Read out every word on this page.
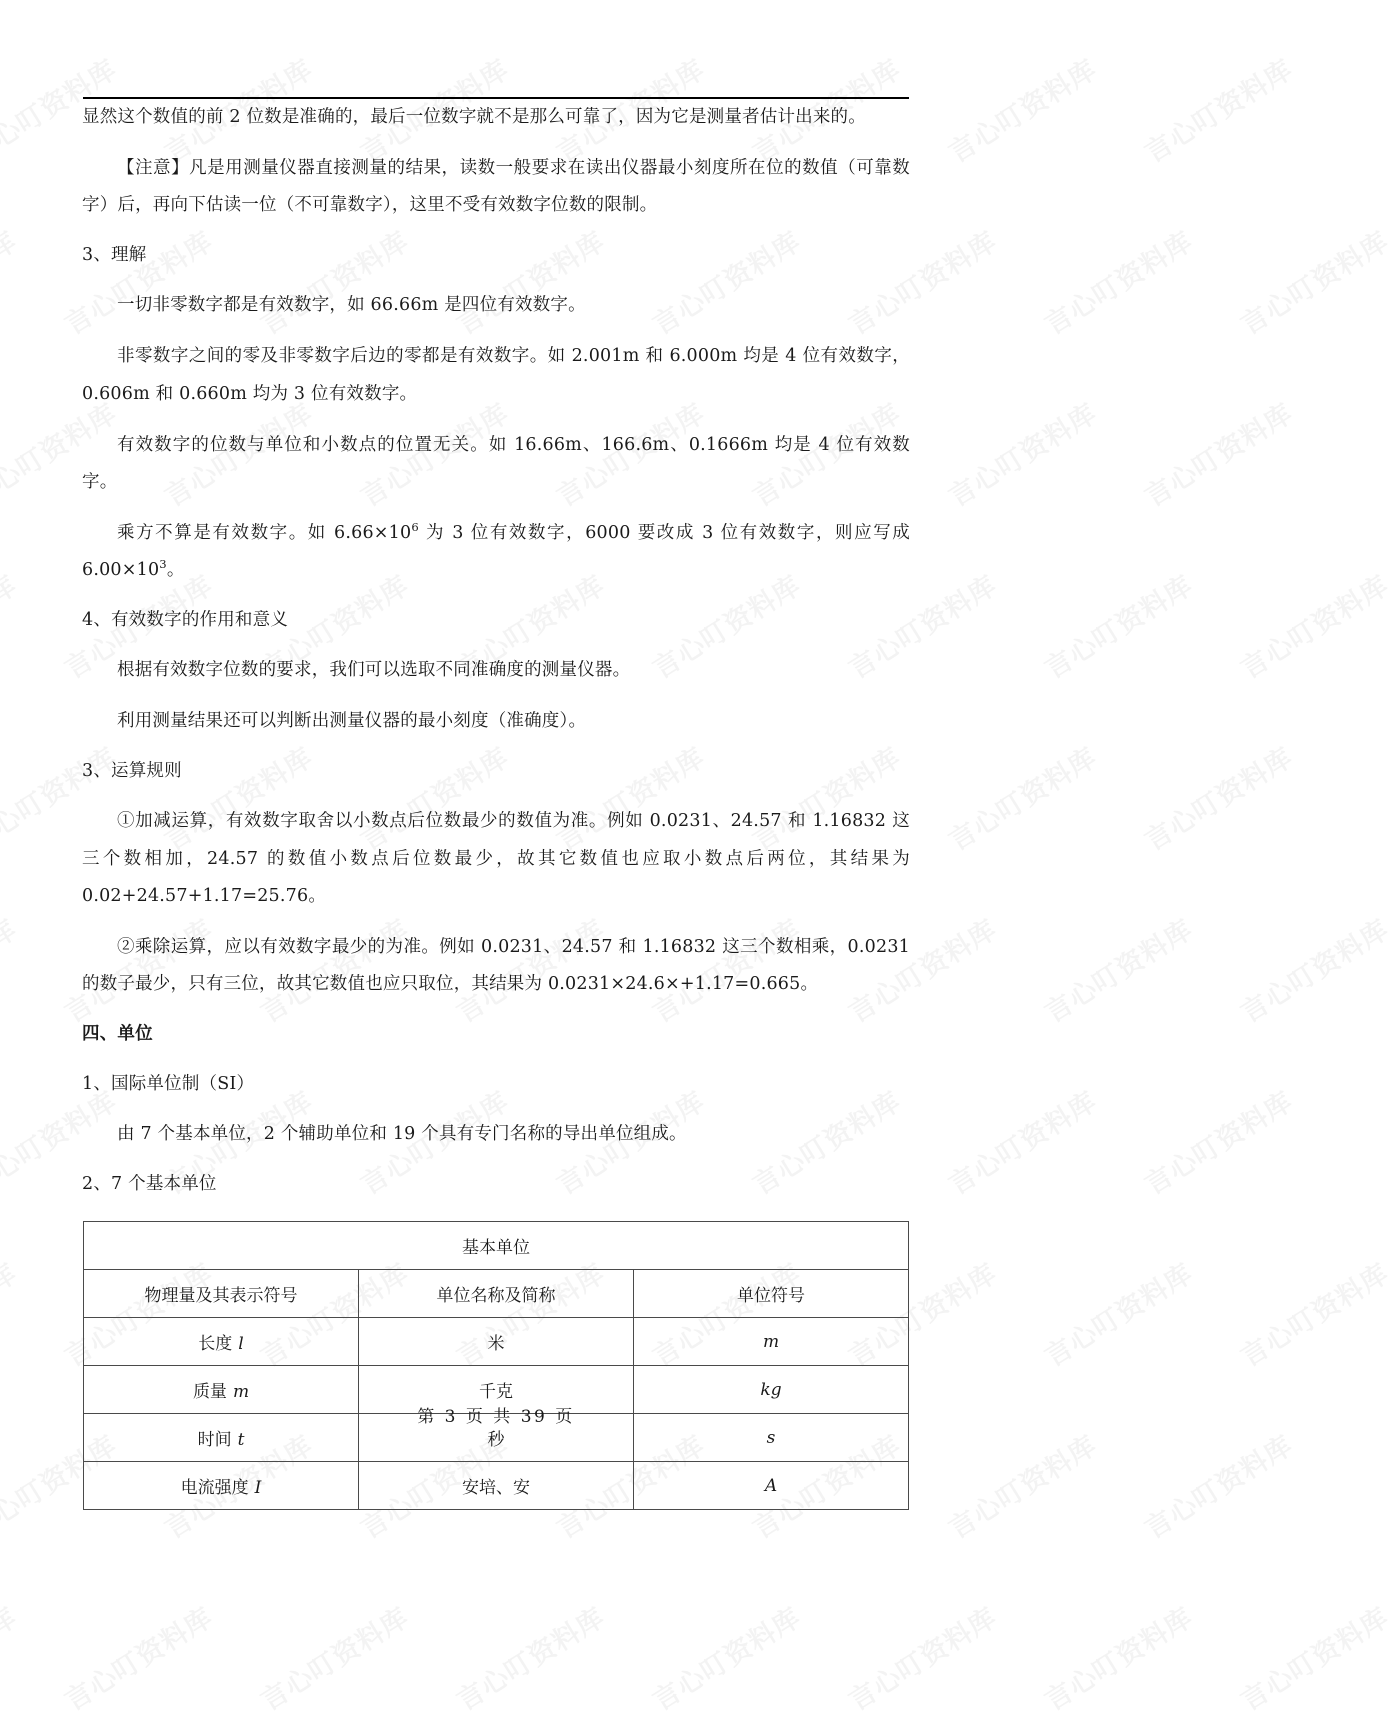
显然这个数值的前 2 位数是准确的，最后一位数字就不是那么可靠了，因为它是测量者估计出来的。

【注意】凡是用测量仪器直接测量的结果，读数一般要求在读出仪器最小刻度所在位的数值（可靠数字）后，再向下估读一位（不可靠数字），这里不受有效数字位数的限制。

3、理解

一切非零数字都是有效数字，如 66.66m 是四位有效数字。

非零数字之间的零及非零数字后边的零都是有效数字。如 2.001m 和 6.000m 均是 4 位有效数字，0.606m 和 0.660m 均为 3 位有效数字。

有效数字的位数与单位和小数点的位置无关。如 16.66m、166.6m、0.1666m 均是 4 位有效数字。

乘方不算是有效数字。如 $6.66\times 10^6$ 为 3 位有效数字，6000 要改成 3 位有效数字，则应写成 $6.00\times 10^3$。

4、有效数字的作用和意义

根据有效数字位数的要求，我们可以选取不同准确度的测量仪器。

利用测量结果还可以判断出测量仪器的最小刻度（准确度）。

3、运算规则

①加减运算，有效数字取舍以小数点后位数最少的数值为准。例如 0.0231、24.57 和 1.16832 这三个数相加，24.57 的数值小数点后位数最少，故其它数值也应取小数点后两位，其结果为 0.02+24.57+1.17=25.76。

②乘除运算，应以有效数字最少的为准。例如 0.0231、24.57 和 1.16832 这三个数相乘，0.0231 的数子最少，只有三位，故其它数值也应只取位，其结果为 0.0231×24.6×+1.17=0.665。

四、单位
1、国际单位制（SI）

由 7 个基本单位，2 个辅助单位和 19 个具有专门名称的导出单位组成。

2、7 个基本单位
基本单位		
物理量及其表示符号	单位名称及简称	单位符号
长度 l	米	m
质量 m	千克	kg
时间 t	秒	s
电流强度 I	安培、安	A
第 3 页 共 39 页
